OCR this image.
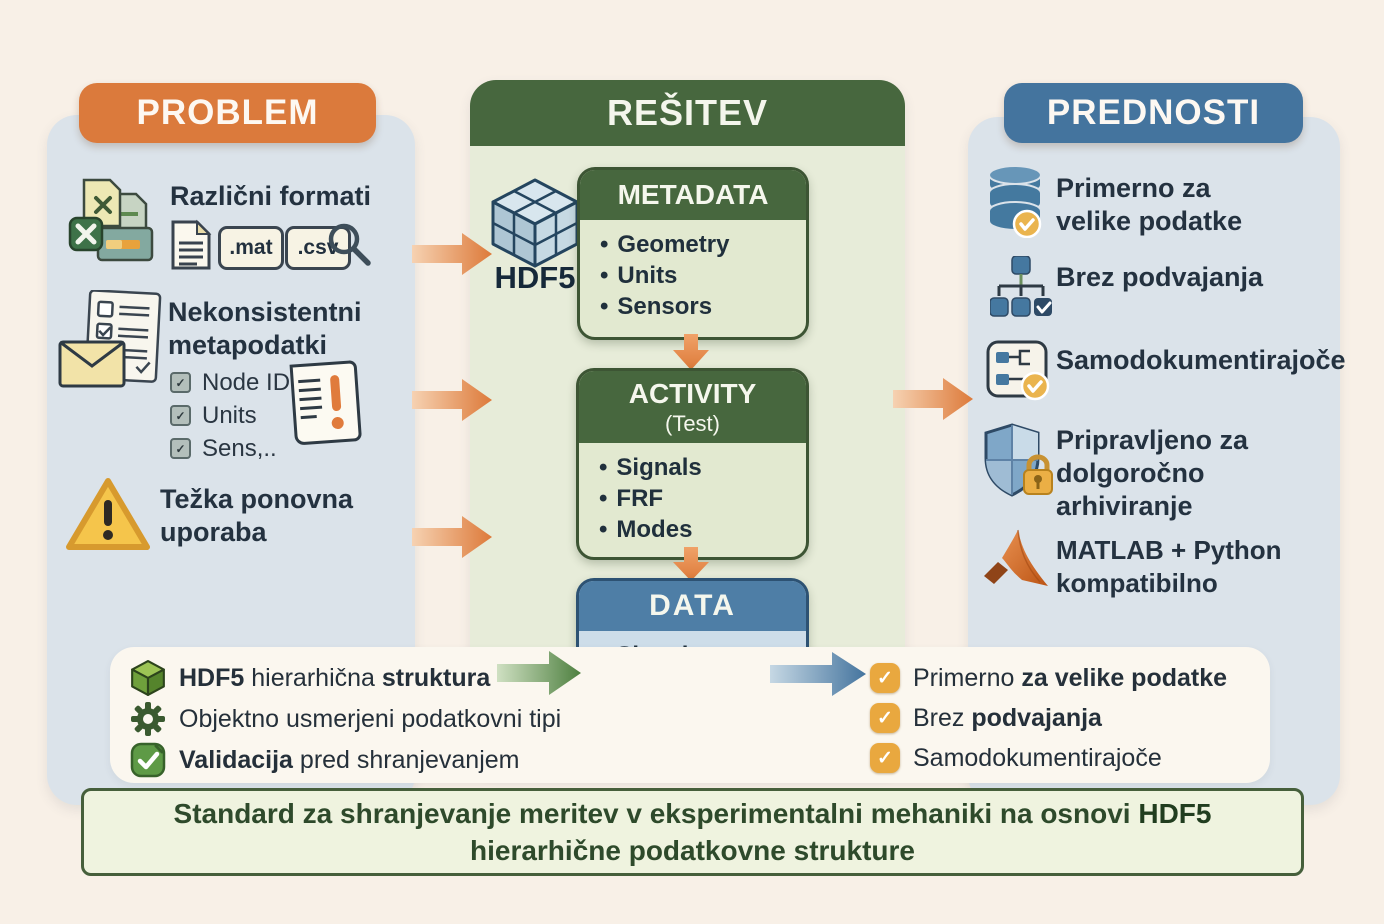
REŠITEV
PROBLEM	PREDNOSTI
Različni formati
.mat	.csv
Nekonsistentni metapodatki
✓ Node ID
✓ Units
✓ Sens,..
Težka ponovna uporaba
HDF5
METADATA
• Geometry
• Units
• Sensors
ACTIVITY
(Test)
• Signals
• FRF
• Modes
DATA
•
•
•
Primerno za velike podatke
Brez podvajanja
Samodokumentirajoče
Pripravljeno za dolgoročno arhiviranje
MATLAB + Python kompatibilno
HDF5 hierarhična struktura
Objektno usmerjeni podatkovni tipi
Validacija pred shranjevanjem
✓ Primerno za velike podatke
✓ Brez podvajanja
✓ Samodokumentirajoče
Standard za shranjevanje meritev v eksperimentalni mehaniki na osnovi HDF5
hierarhične podatkovne strukture
